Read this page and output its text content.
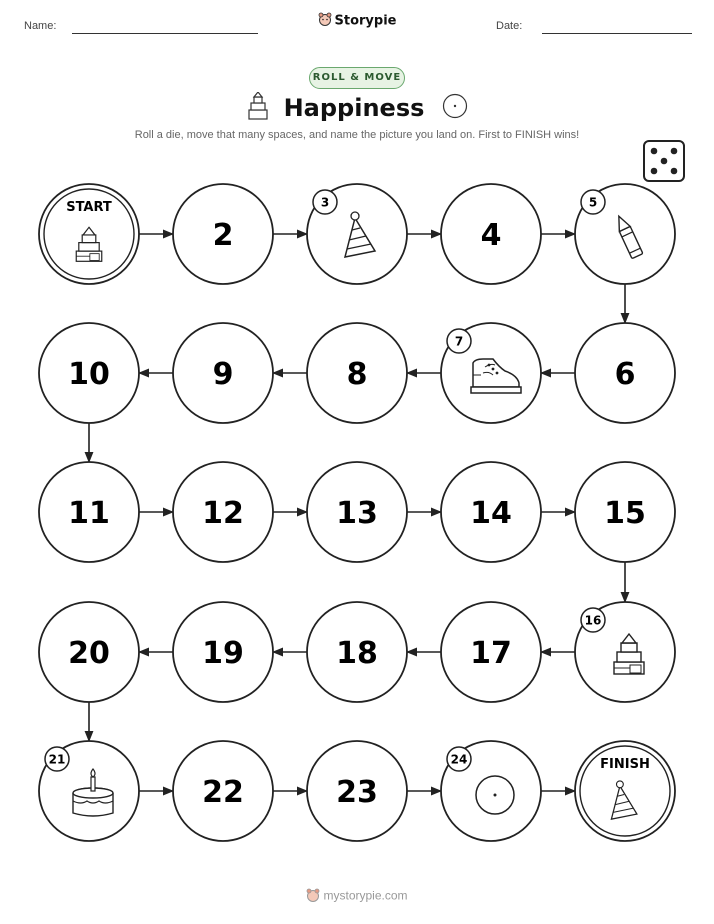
Name:	Date:
Storypie
ROLL & MOVE
Happiness
Roll a die, move that many spaces, and name the picture you land on. First to FINISH wins!
START
2
3
4
5
6
7
8
9
10
11	12	13	14	15
16
17
18
19
20
21
22	23
24	FINISH
mystorypie.com
